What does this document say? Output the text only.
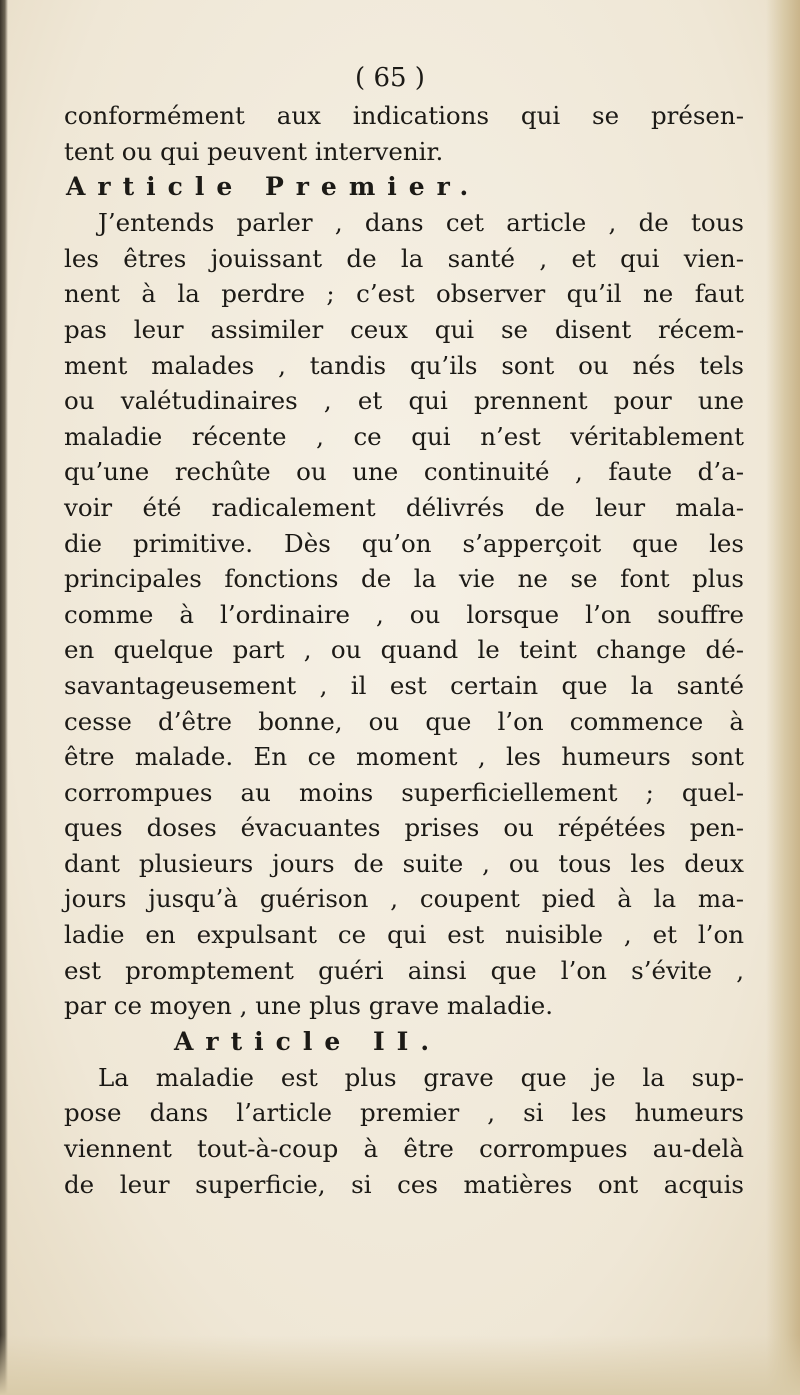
( 65 )
conformément aux indications qui se présen-
tent ou qui peuvent intervenir.
Article Premier.
J’entends parler , dans cet article , de tous
les êtres jouissant de la santé , et qui vien-
nent à la perdre ; c’est observer qu’il ne faut
pas leur assimiler ceux qui se disent récem-
ment malades , tandis qu’ils sont ou nés tels
ou valétudinaires , et qui prennent pour une
maladie récente , ce qui n’est véritablement
qu’une rechûte ou une continuité , faute d’a-
voir été radicalement délivrés de leur mala-
die primitive. Dès qu’on s’apperçoit que les
principales fonctions de la vie ne se font plus
comme à l’ordinaire , ou lorsque l’on souffre
en quelque part , ou quand le teint change dé-
savantageusement , il est certain que la santé
cesse d’être bonne, ou que l’on commence à
être malade. En ce moment , les humeurs sont
corrompues au moins superficiellement ; quel-
ques doses évacuantes prises ou répétées pen-
dant plusieurs jours de suite , ou tous les deux
jours jusqu’à guérison , coupent pied à la ma-
ladie en expulsant ce qui est nuisible , et l’on
est promptement guéri ainsi que l’on s’évite ,
par ce moyen , une plus grave maladie.
Article II.
La maladie est plus grave que je la sup-
pose dans l’article premier , si les humeurs
viennent tout-à-coup à être corrompues au-delà
de leur superficie, si ces matières ont acquis
